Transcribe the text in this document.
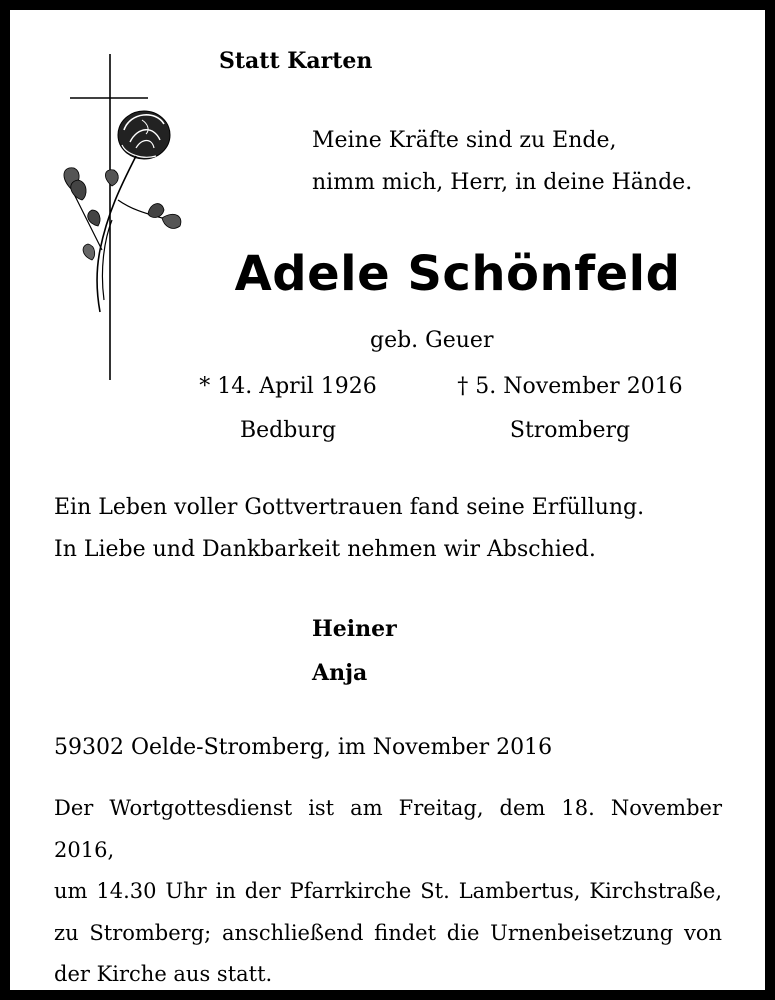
Statt Karten
Meine Kräfte sind zu Ende,
nimm mich, Herr, in deine Hände.
Adele Schönfeld
geb. Geuer
* 14. April 1926
Bedburg
† 5. November 2016
Stromberg
Ein Leben voller Gottvertrauen fand seine Erfüllung.
In Liebe und Dankbarkeit nehmen wir Abschied.
Heiner
Anja
59302 Oelde-Stromberg, im November 2016
Der Wortgottesdienst ist am Freitag, dem 18. November 2016,
um 14.30 Uhr in der Pfarrkirche St. Lambertus, Kirchstraße,
zu Stromberg; anschließend findet die Urnenbeisetzung von
der Kirche aus statt.
